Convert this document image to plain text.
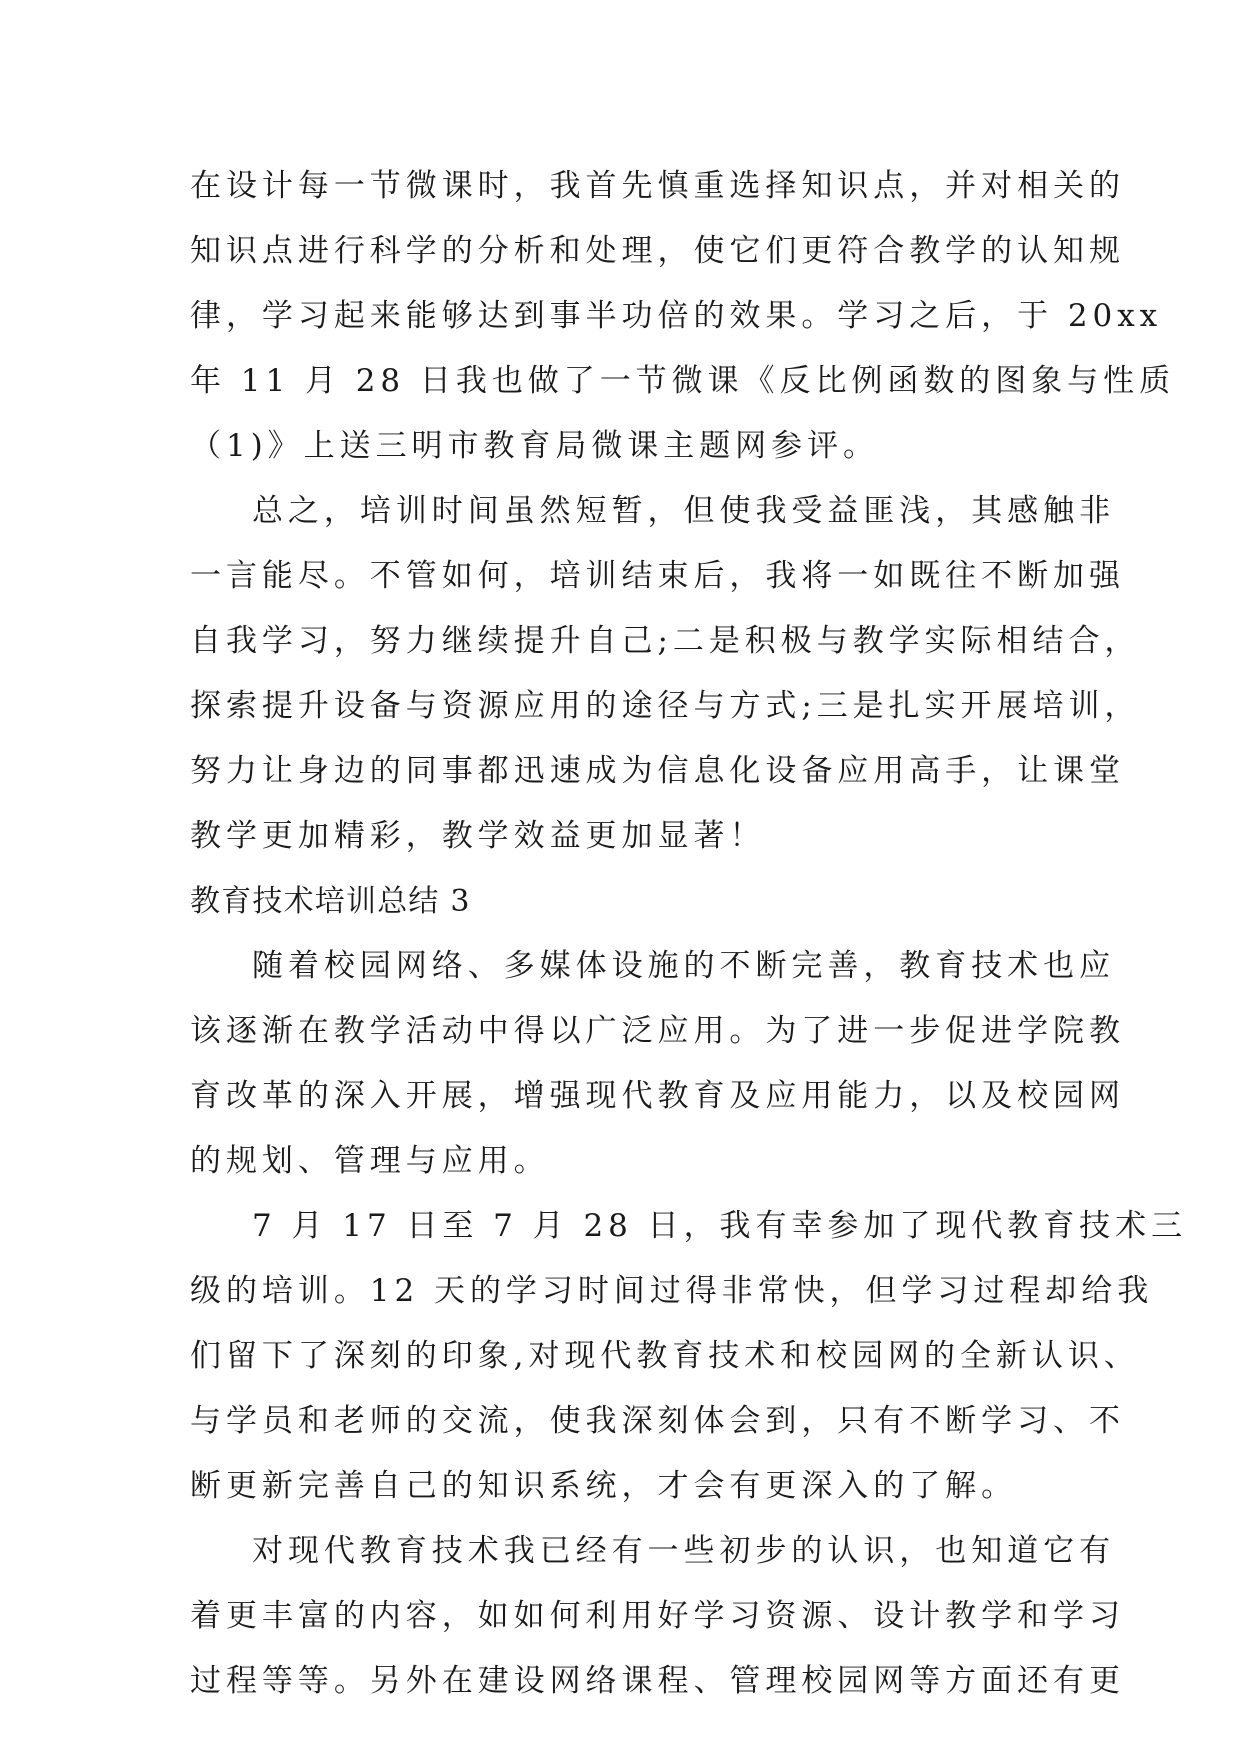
在设计每一节微课时，我首先慎重选择知识点，并对相关的
知识点进行科学的分析和处理，使它们更符合教学的认知规
律，学习起来能够达到事半功倍的效果。学习之后，于 20xx
年 11 月 28 日我也做了一节微课《反比例函数的图象与性质
（1)》上送三明市教育局微课主题网参评。
总之，培训时间虽然短暂，但使我受益匪浅，其感触非
一言能尽。不管如何，培训结束后，我将一如既往不断加强
自我学习，努力继续提升自己;二是积极与教学实际相结合，
探索提升设备与资源应用的途径与方式;三是扎实开展培训，
努力让身边的同事都迅速成为信息化设备应用高手，让课堂
教学更加精彩，教学效益更加显著！
教育技术培训总结 3
随着校园网络、多媒体设施的不断完善，教育技术也应
该逐渐在教学活动中得以广泛应用。为了进一步促进学院教
育改革的深入开展，增强现代教育及应用能力，以及校园网
的规划、管理与应用。
7 月 17 日至 7 月 28 日，我有幸参加了现代教育技术三
级的培训。12 天的学习时间过得非常快，但学习过程却给我
们留下了深刻的印象,对现代教育技术和校园网的全新认识、
与学员和老师的交流，使我深刻体会到，只有不断学习、不
断更新完善自己的知识系统，才会有更深入的了解。
对现代教育技术我已经有一些初步的认识，也知道它有
着更丰富的内容，如如何利用好学习资源、设计教学和学习
过程等等。另外在建设网络课程、管理校园网等方面还有更
